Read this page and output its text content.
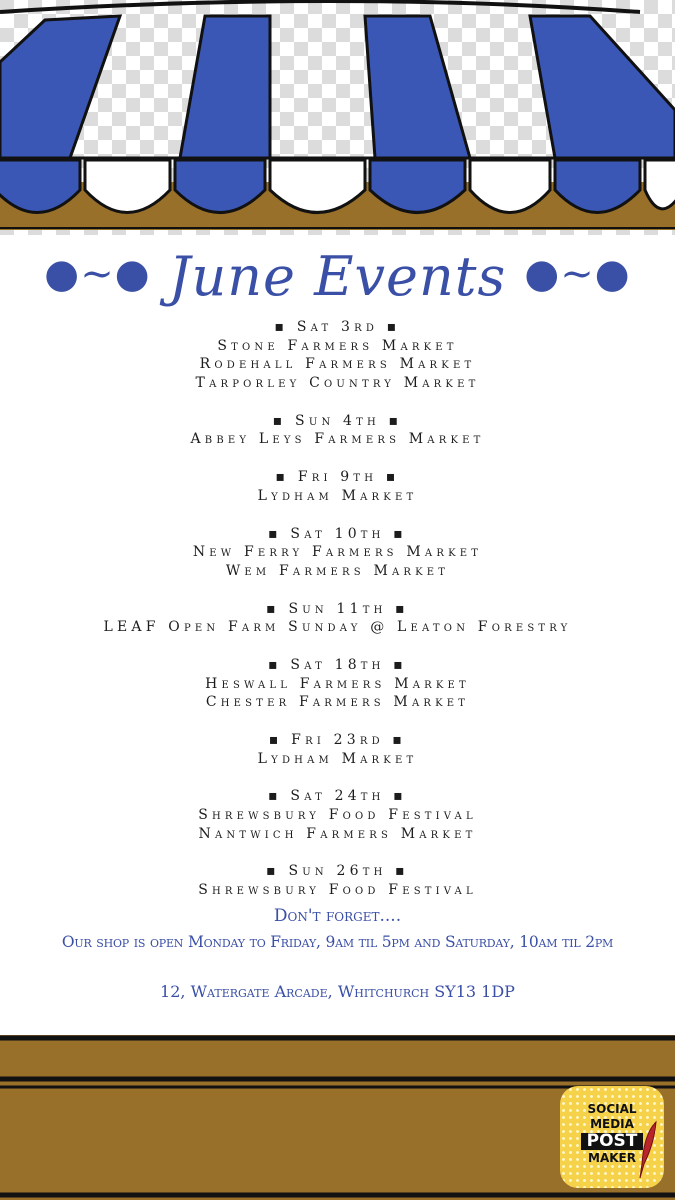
●~● June Events ●~●
▪ Sat 3rd ▪
Stone Farmers Market
Rodehall Farmers Market
Tarporley Country Market
▪ Sun 4th ▪
Abbey Leys Farmers Market
▪ Fri 9th ▪
Lydham Market
▪ Sat 10th ▪
New Ferry Farmers Market
Wem Farmers Market
▪ Sun 11th ▪
LEAF Open Farm Sunday @ Leaton Forestry
▪ Sat 18th ▪
Heswall Farmers Market
Chester Farmers Market
▪ Fri 23rd ▪
Lydham Market
▪ Sat 24th ▪
Shrewsbury Food Festival
Nantwich Farmers Market
▪ Sun 26th ▪
Shrewsbury Food Festival
Don't forget....
Our shop is open Monday to Friday, 9am til 5pm and Saturday, 10am til 2pm
12, Watergate Arcade, Whitchurch SY13 1DP
SOCIAL
MEDIA
POST
MAKER
